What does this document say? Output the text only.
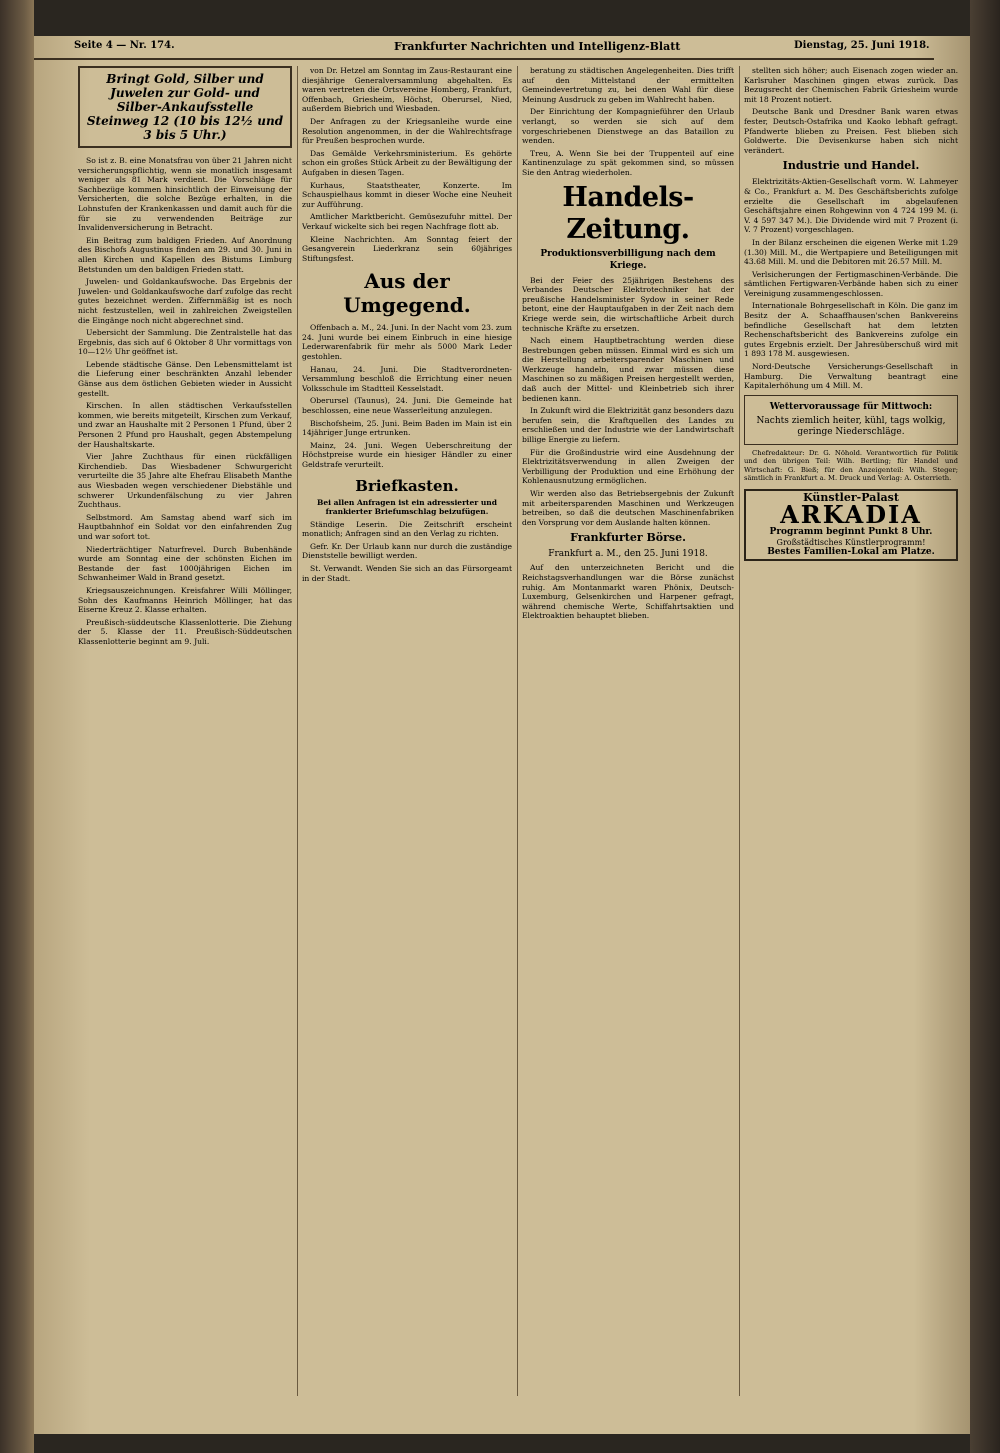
Seite 4 — Nr. 174.	Frankfurter Nachrichten und Intelligenz-Blatt	Dienstag, 25. Juni 1918.
Bringt Gold, Silber und Juwelen zur Gold- und Silber-Ankaufsstelle Steinweg 12 (10 bis 12½ und 3 bis 5 Uhr.)

So ist z. B. eine Monatsfrau von über 21 Jahren nicht versicherungspflichtig, wenn sie monatlich insgesamt weniger als 81 Mark verdient. Die Vorschläge für Sachbezüge kommen hinsichtlich der Einweisung der Versicherten, die solche Bezüge erhalten, in die Lohnstufen der Krankenkassen und damit auch für die für sie zu verwendenden Beiträge zur Invalidenversicherung in Betracht.

Ein Beitrag zum baldigen Frieden. Auf Anordnung des Bischofs Augustinus finden am 29. und 30. Juni in allen Kirchen und Kapellen des Bistums Limburg Betstunden um den baldigen Frieden statt.

Juwelen- und Goldankaufswoche. Das Ergebnis der Juwelen- und Goldankaufswoche darf zufolge das recht gutes bezeichnet werden. Ziffernmäßig ist es noch nicht festzustellen, weil in zahlreichen Zweigstellen die Eingänge noch nicht abgerechnet sind.

Uebersicht der Sammlung. Die Zentralstelle hat das Ergebnis, das sich auf 6 Oktober 8 Uhr vormittags von 10—12½ Uhr geöffnet ist.

Lebende städtische Gänse. Den Lebensmittelamt ist die Lieferung einer beschränkten Anzahl lebender Gänse aus dem östlichen Gebieten wieder in Aussicht gestellt.

Kirschen. In allen städtischen Verkaufsstellen kommen, wie bereits mitgeteilt, Kirschen zum Verkauf, und zwar an Haushalte mit 2 Personen 1 Pfund, über 2 Personen 2 Pfund pro Haushalt, gegen Abstempelung der Haushaltskarte.

Vier Jahre Zuchthaus für einen rückfälligen Kirchendieb. Das Wiesbadener Schwurgericht verurteilte die 35 Jahre alte Ehefrau Elisabeth Manthe aus Wiesbaden wegen verschiedener Diebstähle und schwerer Urkundenfälschung zu vier Jahren Zuchthaus.

Selbstmord. Am Samstag abend warf sich im Hauptbahnhof ein Soldat vor den einfahrenden Zug und war sofort tot.

Niederträchtiger Naturfrevel. Durch Bubenhände wurde am Sonntag eine der schönsten Eichen im Bestande der fast 1000jährigen Eichen im Schwanheimer Wald in Brand gesetzt.

Kriegsauszeichnungen. Kreisfahrer Willi Möllinger, Sohn des Kaufmanns Heinrich Möllinger, hat das Eiserne Kreuz 2. Klasse erhalten.

Preußisch-süddeutsche Klassenlotterie. Die Ziehung der 5. Klasse der 11. Preußisch-Süddeutschen Klassenlotterie beginnt am 9. Juli.

von Dr. Hetzel am Sonntag im Zaus-Restaurant eine diesjährige Generalversammlung abgehalten. Es waren vertreten die Ortsvereine Homberg, Frankfurt, Offenbach, Griesheim, Höchst, Oberursel, Nied, außerdem Biebrich und Wiesbaden.

Der Anfragen zu der Kriegsanleihe wurde eine Resolution angenommen, in der die Wahlrechtsfrage für Preußen besprochen wurde.

Das Gemälde Verkehrsministerium. Es gehörte schon ein großes Stück Arbeit zu der Bewältigung der Aufgaben in diesen Tagen.

Kurhaus, Staatstheater, Konzerte. Im Schauspielhaus kommt in dieser Woche eine Neuheit zur Aufführung.

Amtlicher Marktbericht. Gemüsezufuhr mittel. Der Verkauf wickelte sich bei regen Nachfrage flott ab.

Kleine Nachrichten. Am Sonntag feiert der Gesangverein Liederkranz sein 60jähriges Stiftungsfest.

Aus der Umgegend.

Offenbach a. M., 24. Juni. In der Nacht vom 23. zum 24. Juni wurde bei einem Einbruch in eine hiesige Lederwarenfabrik für mehr als 5000 Mark Leder gestohlen.

Hanau, 24. Juni. Die Stadtverordneten-Versammlung beschloß die Errichtung einer neuen Volksschule im Stadtteil Kesselstadt.

Oberursel (Taunus), 24. Juni. Die Gemeinde hat beschlossen, eine neue Wasserleitung anzulegen.

Bischofsheim, 25. Juni. Beim Baden im Main ist ein 14jähriger Junge ertrunken.

Mainz, 24. Juni. Wegen Ueberschreitung der Höchstpreise wurde ein hiesiger Händler zu einer Geldstrafe verurteilt.

Briefkasten.
Bei allen Anfragen ist ein adressierter und frankierter Briefumschlag beizufügen.

Ständige Leserin. Die Zeitschrift erscheint monatlich; Anfragen sind an den Verlag zu richten.

Gefr. Kr. Der Urlaub kann nur durch die zuständige Dienststelle bewilligt werden.

St. Verwandt. Wenden Sie sich an das Fürsorgeamt in der Stadt.

beratung zu städtischen Angelegenheiten. Dies trifft auf den Mittelstand der ermittelten Gemeindevertretung zu, bei denen Wahl für diese Meinung Ausdruck zu geben im Wahlrecht haben.

Der Einrichtung der Kompagnieführer den Urlaub verlangt, so werden sie sich auf dem vorgeschriebenen Dienstwege an das Bataillon zu wenden.

Treu, A. Wenn Sie bei der Truppenteil auf eine Kantinenzulage zu spät gekommen sind, so müssen Sie den Antrag wiederholen.

Handels-Zeitung.
Produktionsverbilligung nach dem Kriege.

Bei der Feier des 25jährigen Bestehens des Verbandes Deutscher Elektrotechniker hat der preußische Handelsminister Sydow in seiner Rede betont, eine der Hauptaufgaben in der Zeit nach dem Kriege werde sein, die wirtschaftliche Arbeit durch technische Kräfte zu ersetzen.

Nach einem Hauptbetrachtung werden diese Bestrebungen geben müssen. Einmal wird es sich um die Herstellung arbeitersparender Maschinen und Werkzeuge handeln, und zwar müssen diese Maschinen so zu mäßigen Preisen hergestellt werden, daß auch der Mittel- und Kleinbetrieb sich ihrer bedienen kann.

In Zukunft wird die Elektrizität ganz besonders dazu berufen sein, die Kraftquellen des Landes zu erschließen und der Industrie wie der Landwirtschaft billige Energie zu liefern.

Für die Großindustrie wird eine Ausdehnung der Elektrizitätsverwendung in allen Zweigen der Verbilligung der Produktion und eine Erhöhung der Kohlenausnutzung ermöglichen.

Wir werden also das Betriebsergebnis der Zukunft mit arbeitersparenden Maschinen und Werkzeugen betreiben, so daß die deutschen Maschinenfabriken den Vorsprung vor dem Auslande halten können.

Frankfurter Börse.
Frankfurt a. M., den 25. Juni 1918.

Auf den unterzeichneten Bericht und die Reichstagsverhandlungen war die Börse zunächst ruhig. Am Montanmarkt waren Phönix, Deutsch-Luxemburg, Gelsenkirchen und Harpener gefragt, während chemische Werte, Schiffahrtsaktien und Elektroaktien behauptet blieben.

stellten sich höher; auch Eisenach zogen wieder an. Karlsruher Maschinen gingen etwas zurück. Das Bezugsrecht der Chemischen Fabrik Griesheim wurde mit 18 Prozent notiert.

Deutsche Bank und Dresdner Bank waren etwas fester, Deutsch-Ostafrika und Kaoko lebhaft gefragt. Pfandwerte blieben zu Preisen. Fest blieben sich Goldwerte. Die Devisenkurse haben sich nicht verändert.

Industrie und Handel.

Elektrizitäts-Aktien-Gesellschaft vorm. W. Lahmeyer & Co., Frankfurt a. M. Des Geschäftsberichts zufolge erzielte die Gesellschaft im abgelaufenen Geschäftsjahre einen Rohgewinn von 4 724 199 M. (i. V. 4 597 347 M.). Die Dividende wird mit 7 Prozent (i. V. 7 Prozent) vorgeschlagen.

In der Bilanz erscheinen die eigenen Werke mit 1.29 (1.30) Mill. M., die Wertpapiere und Beteiligungen mit 43.68 Mill. M. und die Debitoren mit 26.57 Mill. M.

Verlsicherungen der Fertigmaschinen-Verbände. Die sämtlichen Fertigwaren-Verbände haben sich zu einer Vereinigung zusammengeschlossen.

Internationale Bohrgesellschaft in Köln. Die ganz im Besitz der A. Schaaffhausen'schen Bankvereins befindliche Gesellschaft hat dem letzten Rechenschaftsbericht des Bankvereins zufolge ein gutes Ergebnis erzielt. Der Jahresüberschuß wird mit 1 893 178 M. ausgewiesen.

Nord-Deutsche Versicherungs-Gesellschaft in Hamburg. Die Verwaltung beantragt eine Kapitalerhöhung um 4 Mill. M.

Wettervoraussage für Mittwoch:
Nachts ziemlich heiter, kühl, tags wolkig, geringe Niederschläge.

Chefredakteur: Dr. G. Nöhold. Verantwortlich für Politik und den übrigen Teil: Wilh. Bertling; für Handel und Wirtschaft: G. Bieß; für den Anzeigenteil: Wilh. Steger; sämtlich in Frankfurt a. M. Druck und Verlag: A. Osterrieth.

Künstler-Palast
ARKADIA
Programm beginnt Punkt 8 Uhr.
Großstädtisches Künstlerprogramm!
Bestes Familien-Lokal am Platze.
